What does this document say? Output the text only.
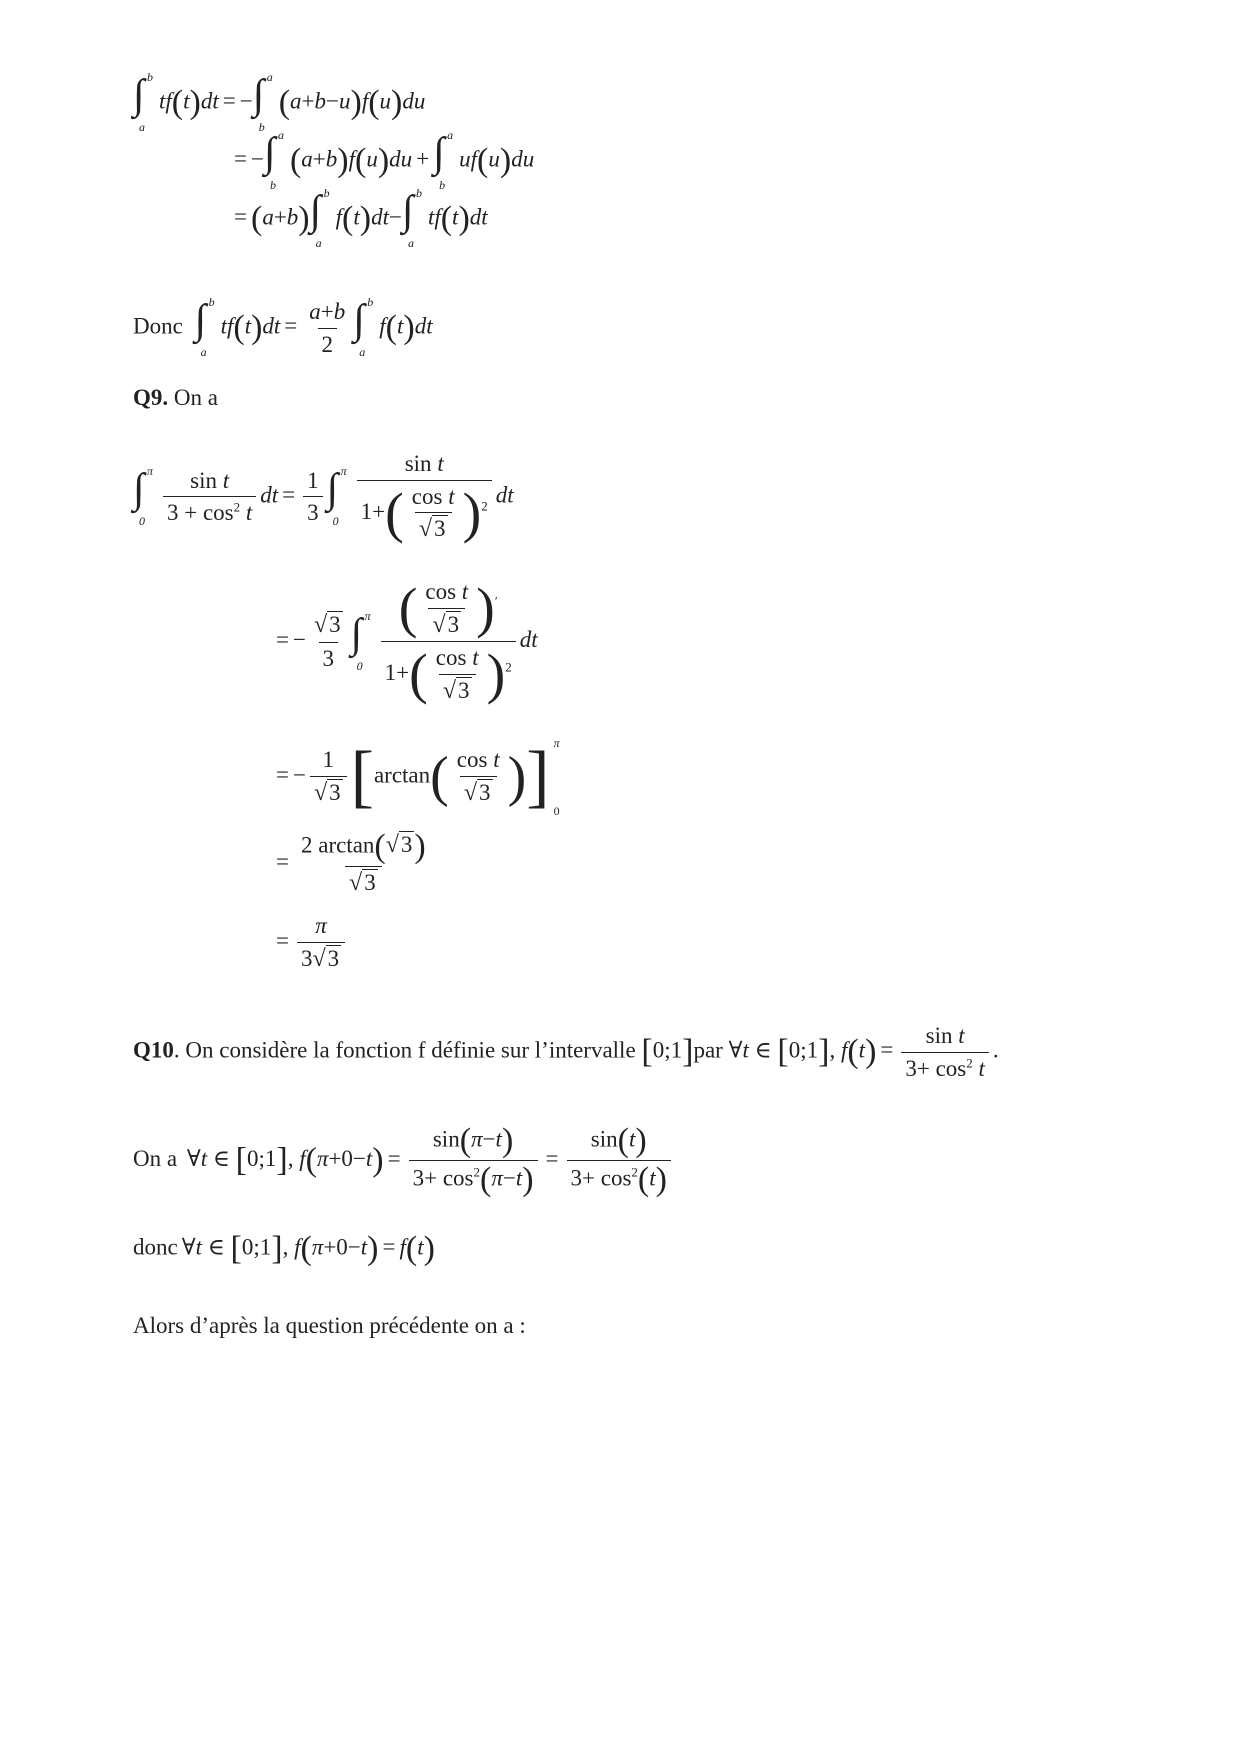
∫ b
a
tf(t)dt = − ∫ a
b
(a+b−u)f(u)du
= − ∫ a
b
(a+b)f(u)du + ∫ a
b
uf(u)du
= (a+b) ∫ b
a
f(t)dt− ∫ b
a
tf(t)dt
Donc ∫ b
a
$tf(t)dt = \frac{a+b}{2}$ ∫ b
a
f(t)dt
Q9. On a
∫ π
$0 \frac{\text{sin t}}{3 + \cos^2 t}$ dt = $\frac{1}{3}$ ∫ π
$0 \frac{\text{sin t}}{1+( \frac{\text{cos t}}{√3} )^2}$ dt
= − $\frac{√3}{3}$ ∫ π
$0 \frac{( \frac{\text{cos t}}{√3} )'}{1+( \frac{\text{cos t}}{√3} )^2}$ dt
= − $\frac{1}{√3} [\arctan( \frac{\text{cos t}}{√3}$ )] π
0
= $\frac{2 \arctan(√3)}{√3}$
= $\frac{\pi}{3√3}$
Q10. On considère la fonction f définie sur l’intervalle [0;1]par ∀t ∈ [0;1], $f(t) = \frac{\text{sin t}}{3+ \cos^2 t}$ .
On a ∀t ∈ [0;1], $f(\pi+0-t) = \frac{\sin(\pi-t)}{3+ \cos^2(\pi-t)} = \frac{\sin(t)}{3+ \cos^2(t)}$
donc ∀t ∈ [0;1], f(π+0−t) = f(t)
Alors d’après la question précédente on a :
